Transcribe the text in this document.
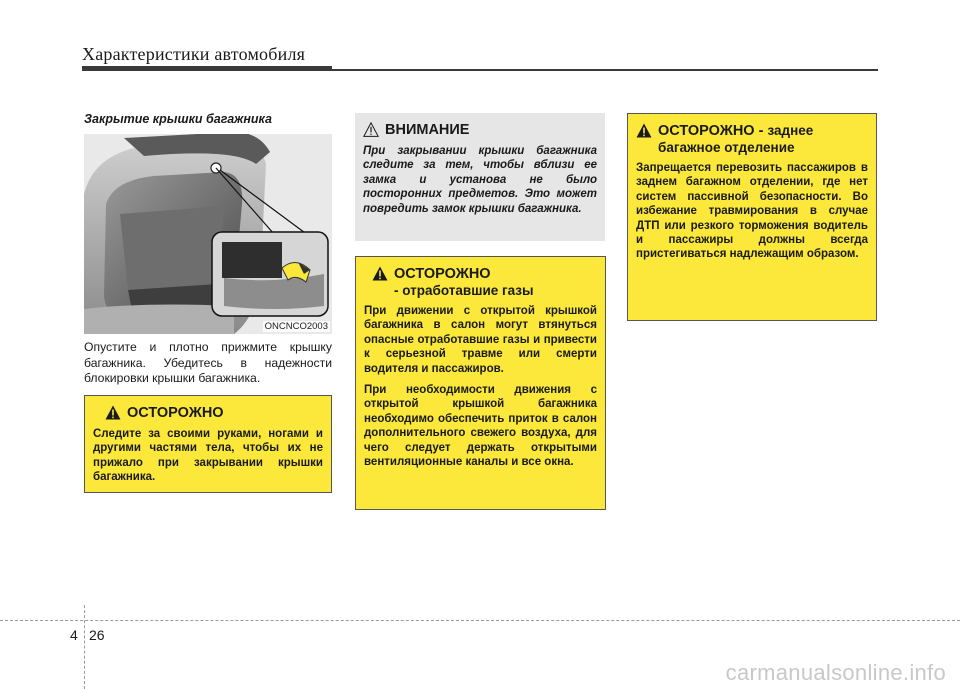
Характеристики автомобиля
Закрытие крышки багажника
ONCNCO2003
Опустите и плотно прижмите крышку багажника. Убедитесь в надежности блокировки крышки багажника.
ОСТОРОЖНО
Следите за своими руками, ногами и другими частями тела, чтобы их не прижало при закрывании крышки багажника.
ВНИМАНИЕ
При закрывании крышки багажника следите за тем, чтобы вблизи ее замка и установа не было посторонних предметов. Это может повредить замок крышки багажника.
ОСТОРОЖНО
- отработавшие газы
При движении с открытой крышкой багажника в салон могут втянуться опасные отработавшие газы и привести к серьезной травме или смерти водителя и пассажиров.
При необходимости движения с открытой крышкой багажника необходимо обеспечить приток в салон дополнительного свежего воздуха, для чего следует держать открытыми вентиляционные каналы и все окна.
ОСТОРОЖНО - заднее
багажное отделение
Запрещается перевозить пассажиров в заднем багажном отделении, где нет систем пассивной безопасности. Во избежание травмирования в случае ДТП или резкого торможения водитель и пассажиры должны всегда пристегиваться надлежащим образом.
4 26
carmanualsonline.info
